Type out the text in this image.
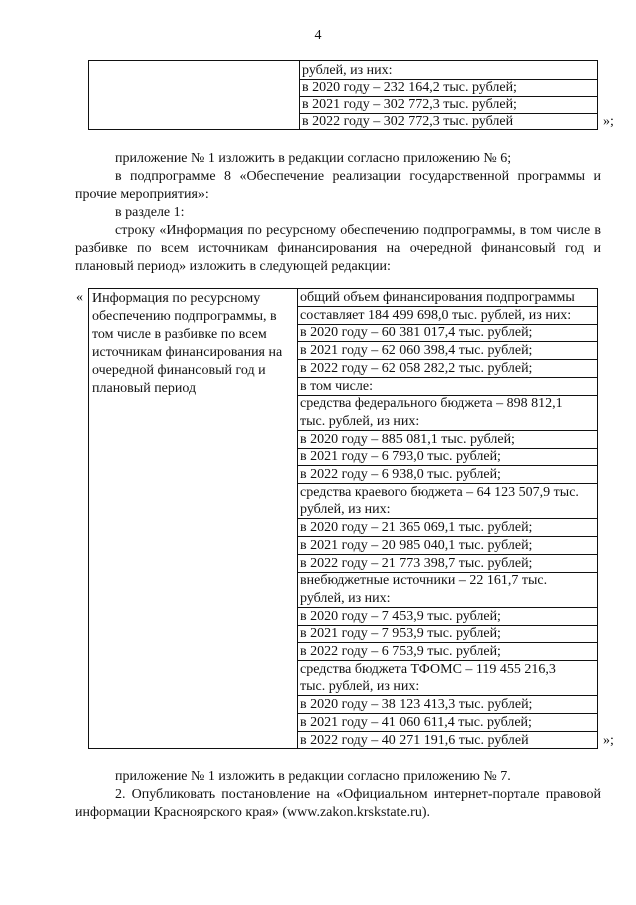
4
рублей, из них:
в 2020 году – 232 164,2 тыс. рублей;
в 2021 году – 302 772,3 тыс. рублей;
в 2022 году – 302 772,3 тыс. рублей	»;
приложение № 1 изложить в редакции согласно приложению № 6;
в подпрограмме 8 «Обеспечение реализации государственной программы и прочие мероприятия»:
в разделе 1:
строку «Информация по ресурсному обеспечению подпрограммы, в том числе в разбивке по всем источникам финансирования на очередной финансовый год и плановый период» изложить в следующей редакции:
« Информация по ресурсному обеспечению подпрограммы, в том числе в разбивке по всем источникам финансирования на очередной финансовый год и плановый период
общий объем финансирования подпрограммы
составляет 184 499 698,0 тыс. рублей, из них:
в 2020 году – 60 381 017,4 тыс. рублей;
в 2021 году – 62 060 398,4 тыс. рублей;
в 2022 году – 62 058 282,2 тыс. рублей;
в том числе:
средства федерального бюджета – 898 812,1
тыс. рублей, из них:
в 2020 году – 885 081,1 тыс. рублей;
в 2021 году – 6 793,0 тыс. рублей;
в 2022 году – 6 938,0 тыс. рублей;
средства краевого бюджета – 64 123 507,9 тыс.
рублей, из них:
в 2020 году – 21 365 069,1 тыс. рублей;
в 2021 году – 20 985 040,1 тыс. рублей;
в 2022 году – 21 773 398,7 тыс. рублей;
внебюджетные источники – 22 161,7 тыс.
рублей, из них:
в 2020 году – 7 453,9 тыс. рублей;
в 2021 году – 7 953,9 тыс. рублей;
в 2022 году – 6 753,9 тыс. рублей;
средства бюджета ТФОМС – 119 455 216,3
тыс. рублей, из них:
в 2020 году – 38 123 413,3 тыс. рублей;
в 2021 году – 41 060 611,4 тыс. рублей;
в 2022 году – 40 271 191,6 тыс. рублей	»;
приложение № 1 изложить в редакции согласно приложению № 7.
2. Опубликовать постановление на «Официальном интернет-портале правовой информации Красноярского края» (www.zakon.krskstate.ru).
